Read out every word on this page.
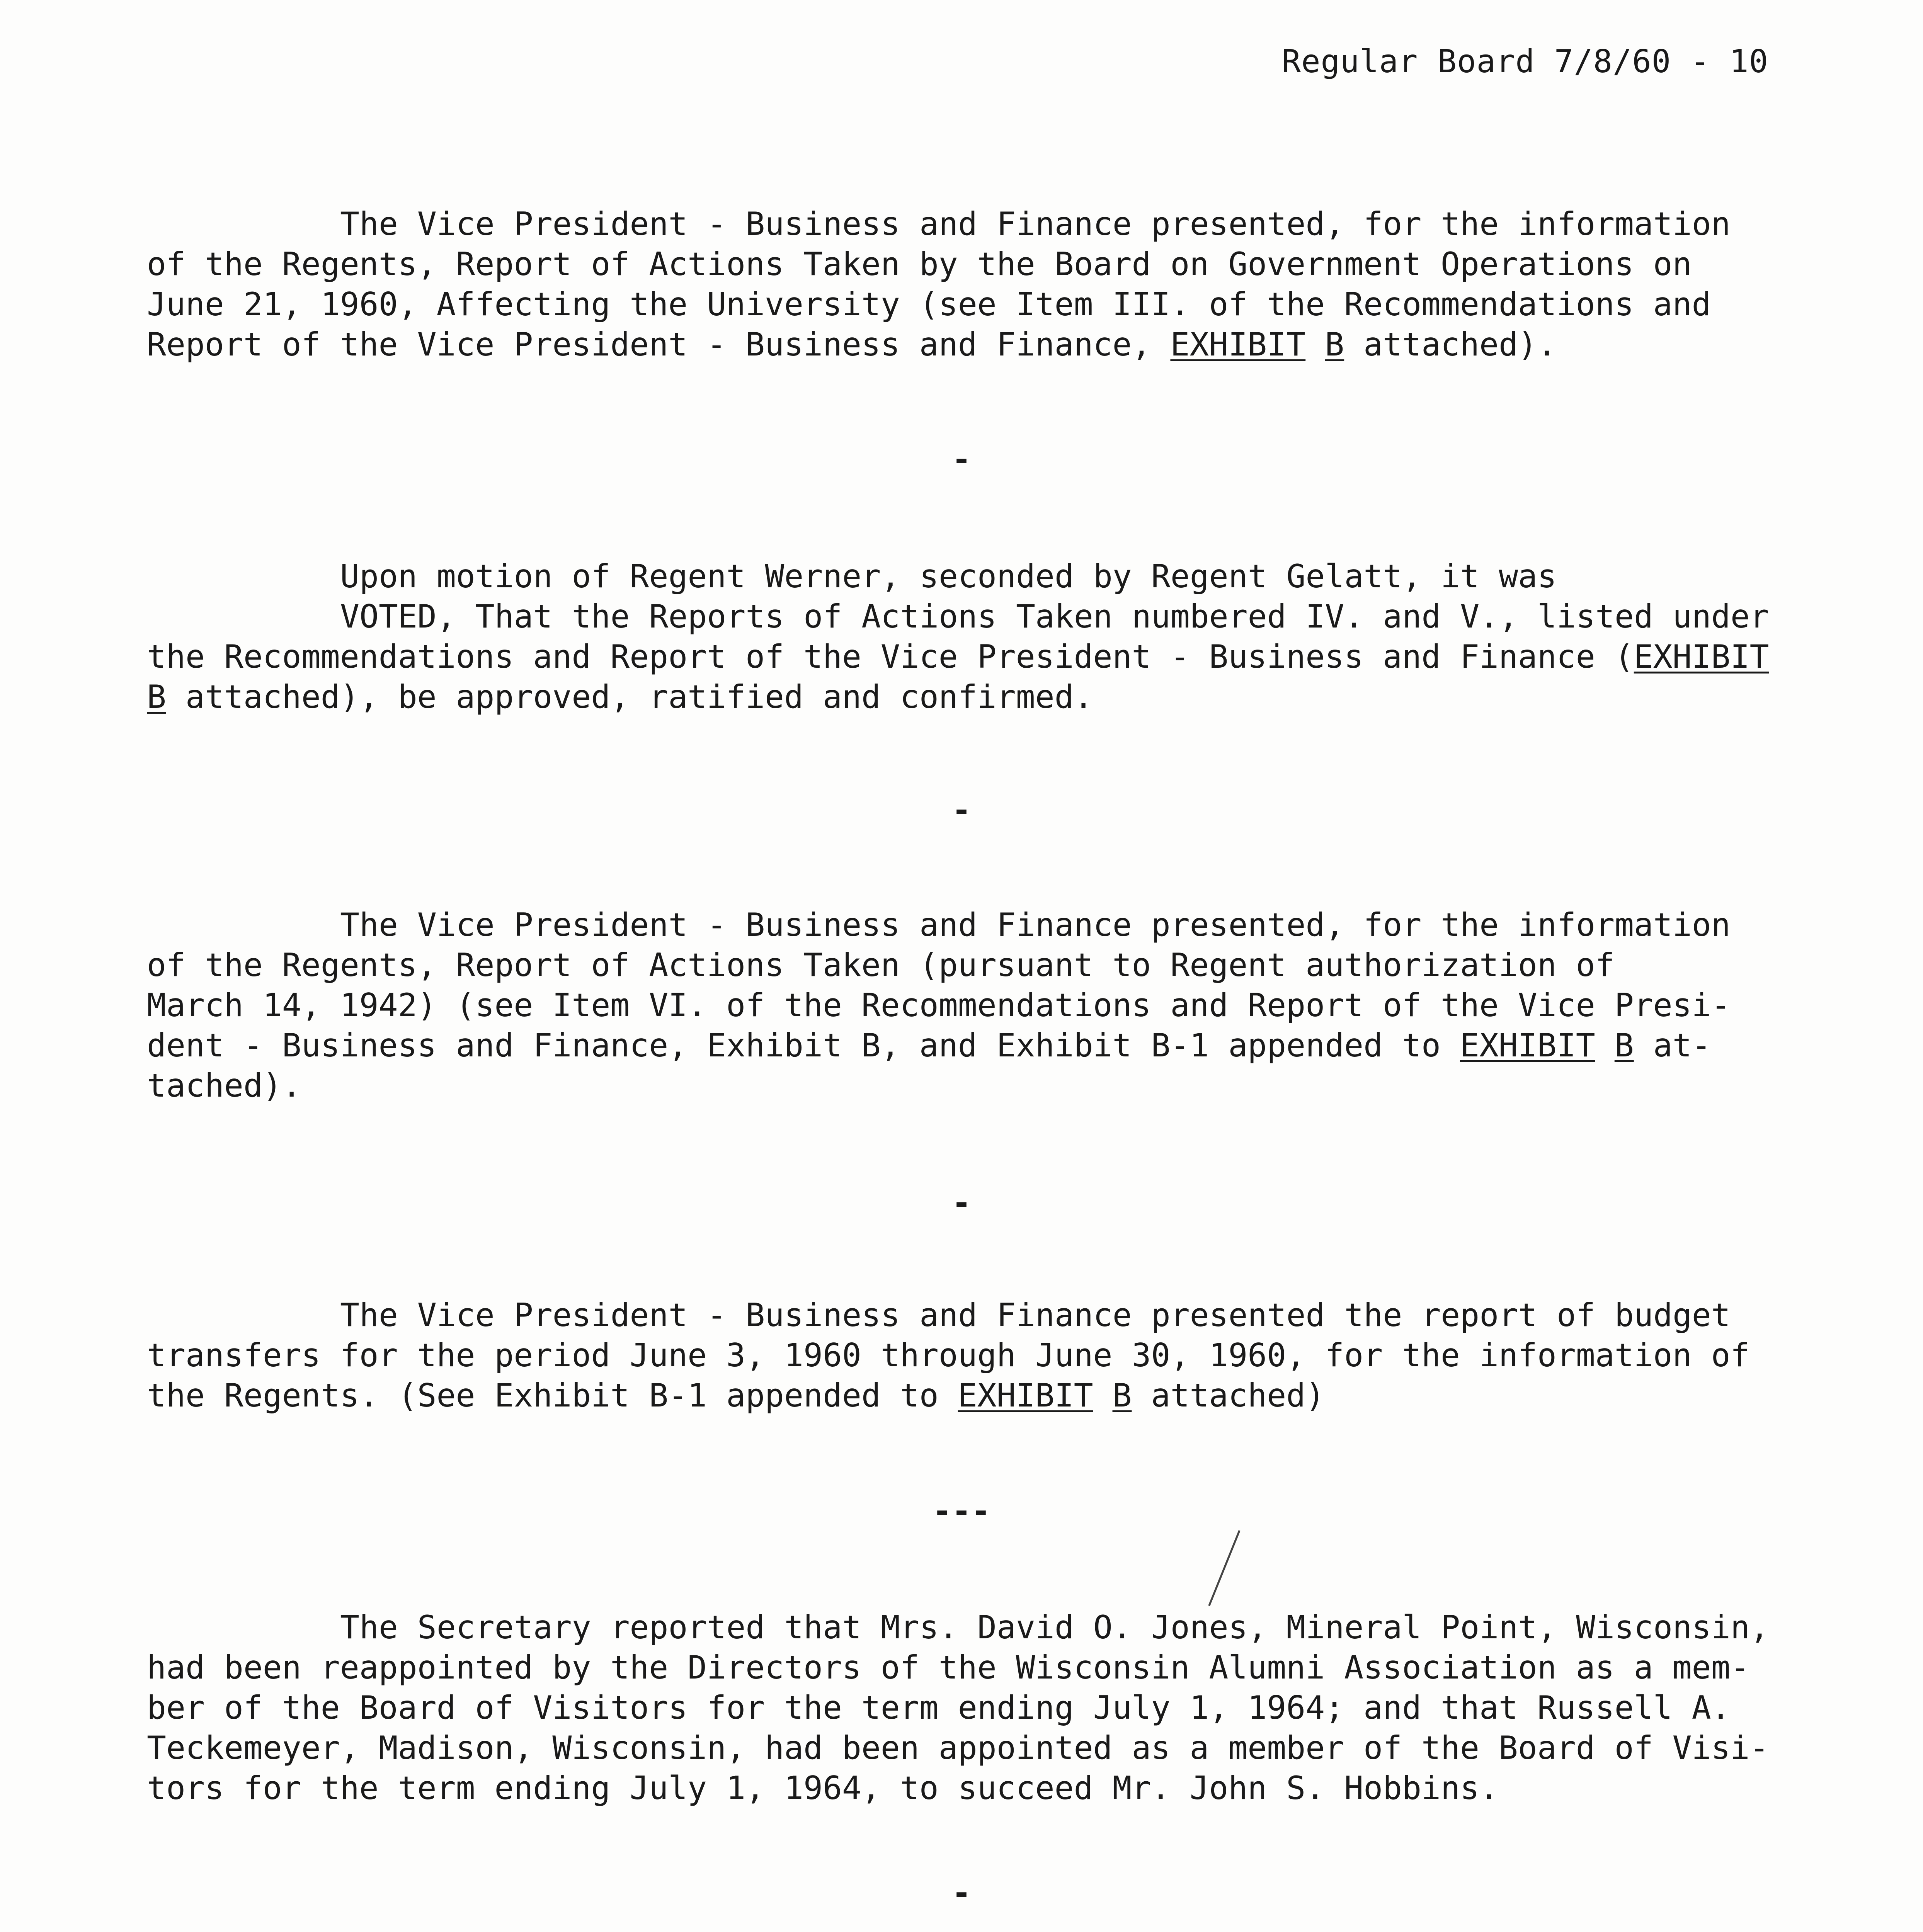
Regular Board 7/8/60 - 10
The Vice President - Business and Finance presented, for the information
of the Regents, Report of Actions Taken by the Board on Government Operations on
June 21, 1960, Affecting the University (see Item III. of the Recommendations and
Report of the Vice President - Business and Finance, EXHIBIT B attached).
-
Upon motion of Regent Werner, seconded by Regent Gelatt, it was
VOTED, That the Reports of Actions Taken numbered IV. and V., listed under
the Recommendations and Report of the Vice President - Business and Finance (EXHIBIT
B attached), be approved, ratified and confirmed.
-
The Vice President - Business and Finance presented, for the information
of the Regents, Report of Actions Taken (pursuant to Regent authorization of
March 14, 1942) (see Item VI. of the Recommendations and Report of the Vice Presi-
dent - Business and Finance, Exhibit B, and Exhibit B-1 appended to EXHIBIT B at-
tached).
-
The Vice President - Business and Finance presented the report of budget
transfers for the period June 3, 1960 through June 30, 1960, for the information of
the Regents. (See Exhibit B-1 appended to EXHIBIT B attached)
---
The Secretary reported that Mrs. David O. Jones, Mineral Point, Wisconsin,
had been reappointed by the Directors of the Wisconsin Alumni Association as a mem-
ber of the Board of Visitors for the term ending July 1, 1964; and that Russell A.
Teckemeyer, Madison, Wisconsin, had been appointed as a member of the Board of Visi-
tors for the term ending July 1, 1964, to succeed Mr. John S. Hobbins.
-
